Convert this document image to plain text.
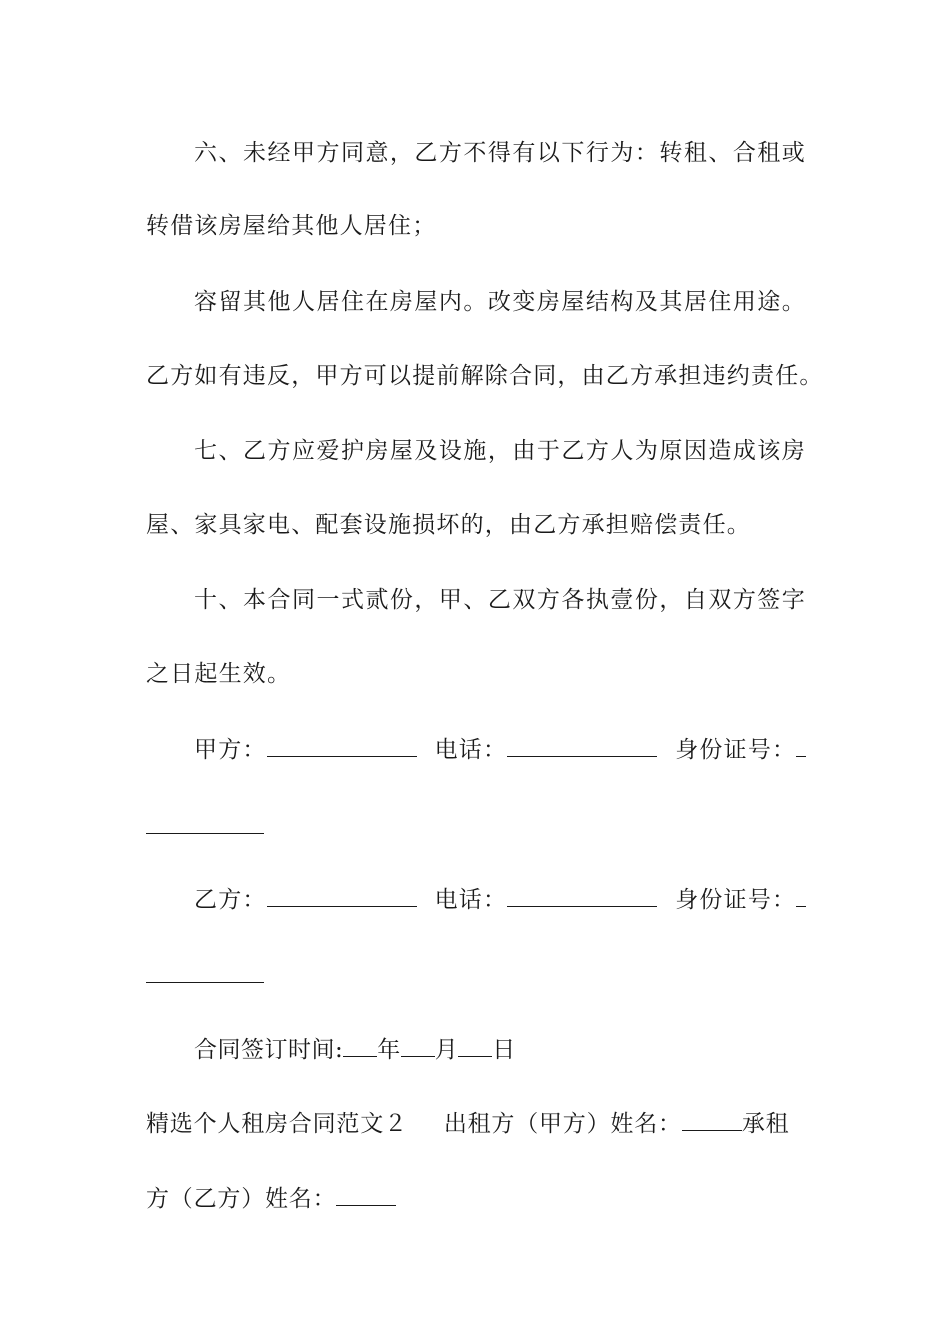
六、未经甲方同意，乙方不得有以下行为：转租、合租或
转借该房屋给其他人居住；
容留其他人居住在房屋内。改变房屋结构及其居住用途。
乙方如有违反，甲方可以提前解除合同，由乙方承担违约责任。
七、乙方应爱护房屋及设施，由于乙方人为原因造成该房
屋、家具家电、配套设施损坏的，由乙方承担赔偿责任。
十、本合同一式贰份，甲、乙双方各执壹份，自双方签字
之日起生效。
甲方：	电话：	身份证号：
乙方：	电话：	身份证号：
合同签订时间: 年 月 日
精选个人租房合同范文２ 出租方（甲方）姓名：	承租
方（乙方）姓名：
